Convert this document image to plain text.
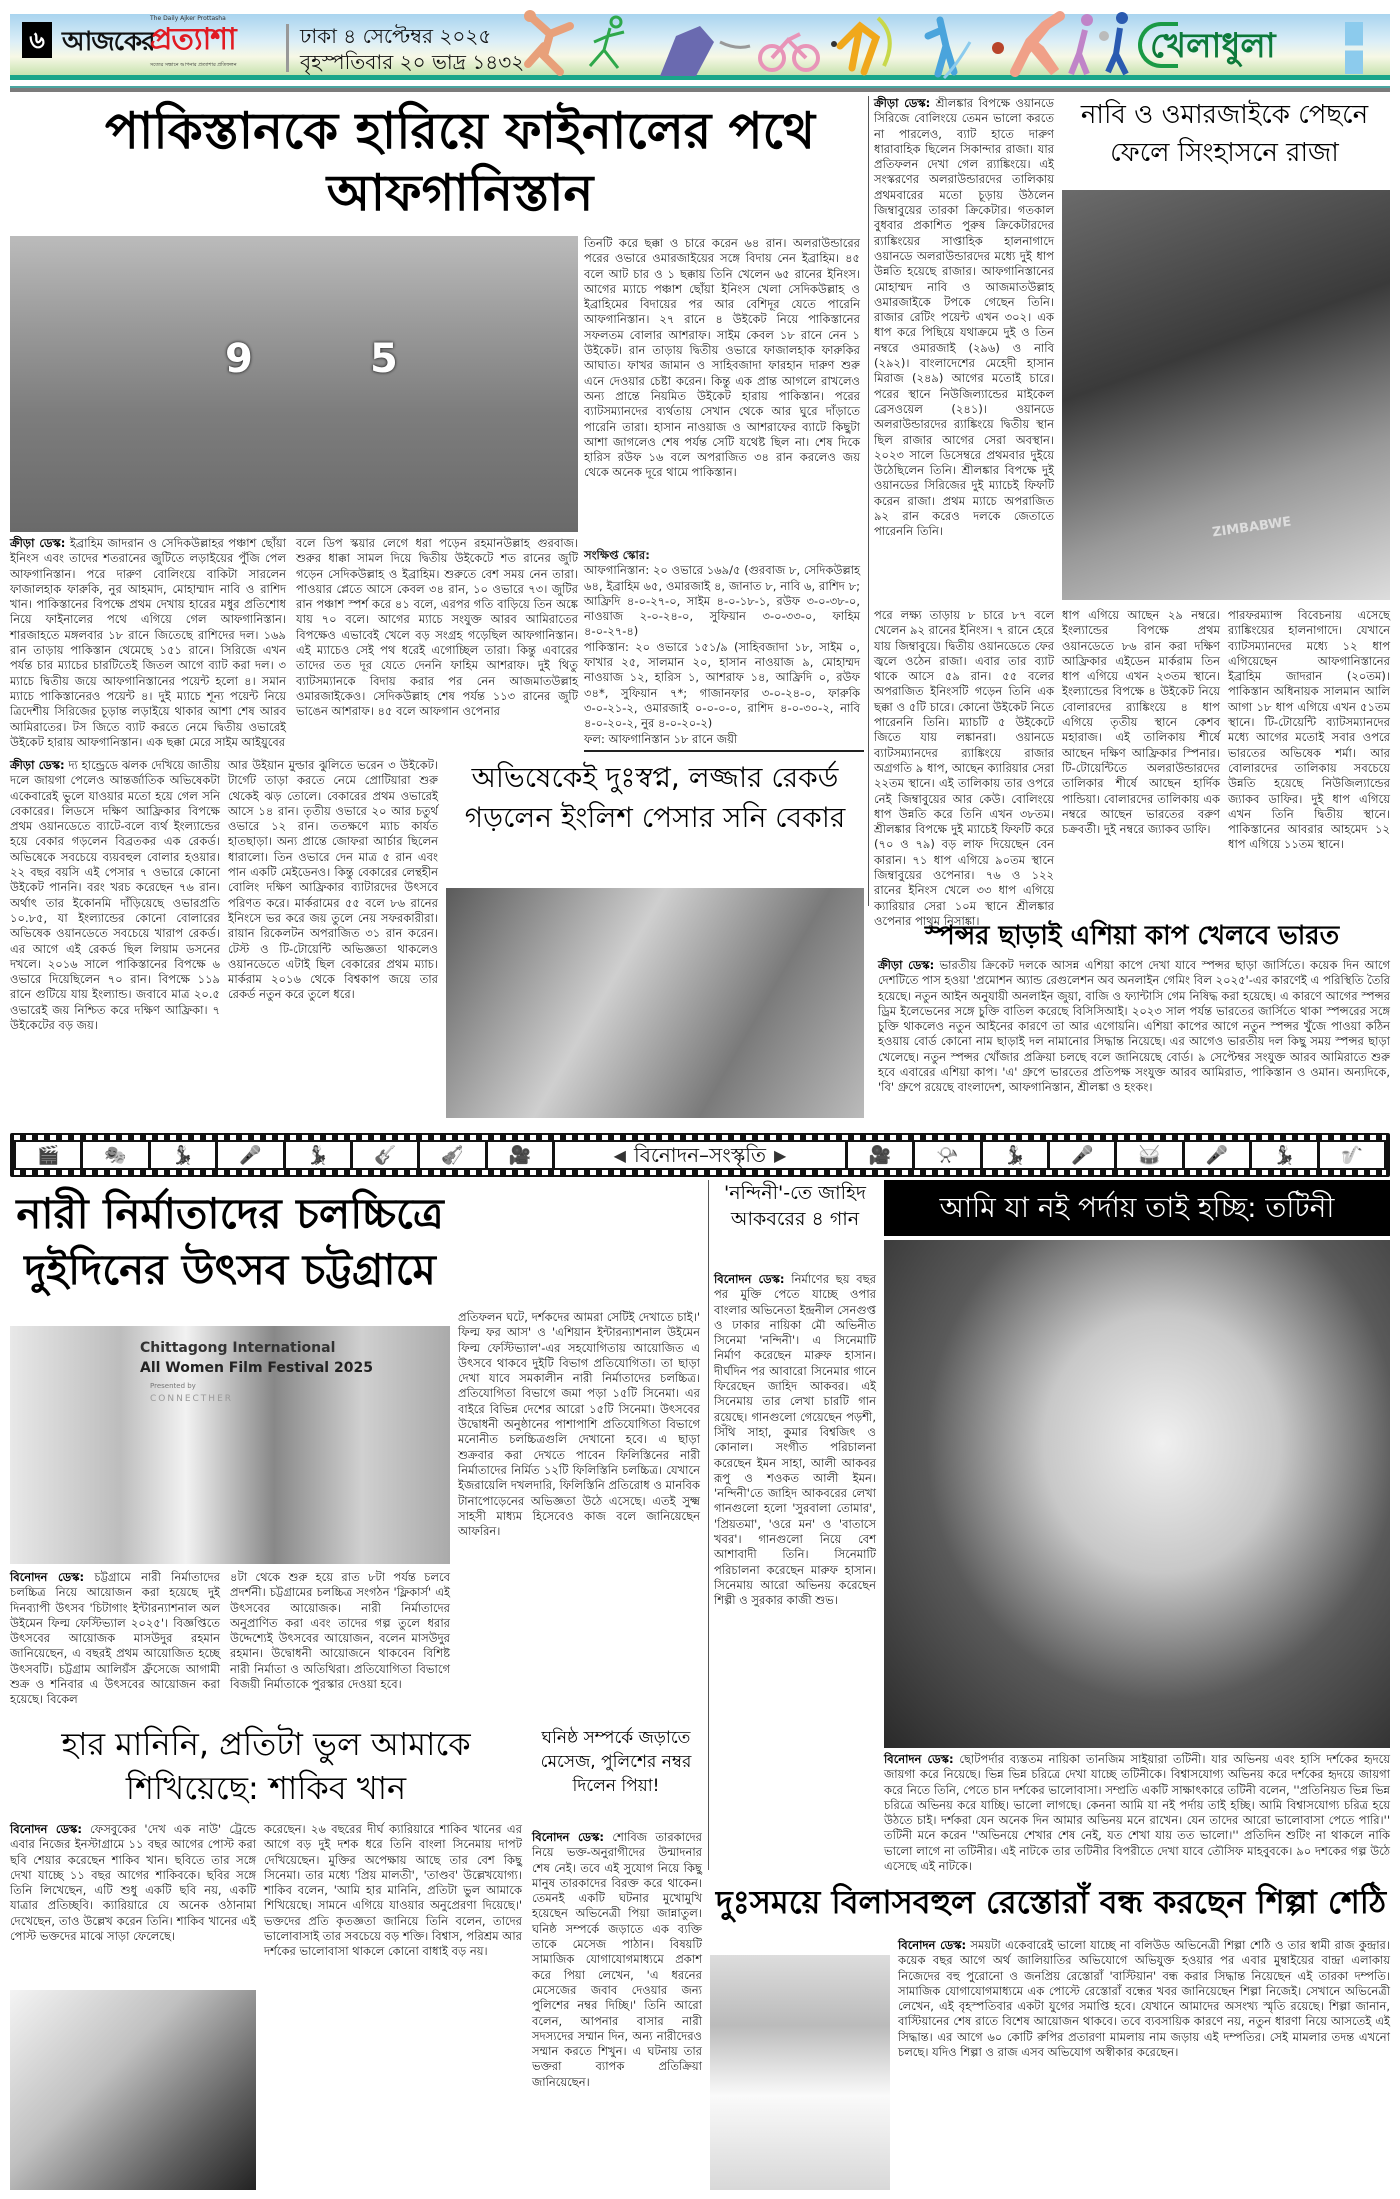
৬ আজকের
The Daily Ajker Prottasha
প্রত্যাশা
সত্যের সন্ধানে আপনার প্রত্যাশার প্রতিফলন
ঢাকা ৪ সেপ্টেম্বর ২০২৫
বৃহস্পতিবার ২০ ভাদ্র ১৪৩২	খেলাধুলা
পাকিস্তানকে হারিয়ে ফাইনালের পথে আফগানিস্তান
9	5
ক্রীড়া ডেস্ক: ইব্রাহিম জাদরান ও সেদিকউল্লাহর পঞ্চাশ ছোঁয়া ইনিংস এবং তাদের শতরানের জুটিতে লড়াইয়ের পুঁজি পেল আফগানিস্তান। পরে দারুণ বোলিংয়ে বাকিটা সারলেন ফাজালহাক ফারুকি, নুর আহমাদ, মোহাম্মাদ নাবি ও রাশিদ খান। পাকিস্তানের বিপক্ষে প্রথম দেখায় হারের মধুর প্রতিশোধ নিয়ে ফাইনালের পথে এগিয়ে গেল আফগানিস্তান। শারজাহতে মঙ্গলবার ১৮ রানে জিতেছে রাশিদের দল। ১৬৯ রান তাড়ায় পাকিস্তান থেমেছে ১৫১ রানে। সিরিজে এখন পর্যন্ত চার ম্যাচের চারটিতেই জিতল আগে ব্যাট করা দল। ৩ ম্যাচে দ্বিতীয় জয়ে আফগানিস্তানের পয়েন্ট হলো ৪। সমান ম্যাচে পাকিস্তানেরও পয়েন্ট ৪। দুই ম্যাচে শূন্য পয়েন্ট নিয়ে ত্রিদেশীয় সিরিজের চূড়ান্ত লড়াইয়ে থাকার আশা শেষ আরব আমিরাতের। টস জিতে ব্যাট করতে নেমে দ্বিতীয় ওভারেই উইকেট হারায় আফগানিস্তান। এক ছক্কা মেরে সাইম আইয়ুবের
বলে ডিপ স্কয়ার লেগে ধরা পড়েন রহমানউল্লাহ গুরবাজ। শুরুর ধাক্কা সামল দিয়ে দ্বিতীয় উইকেটে শত রানের জুটি গড়েন সেদিকউল্লাহ ও ইব্রাহিম। শুরুতে বেশ সময় নেন তারা। পাওয়ার প্লেতে আসে কেবল ৩৪ রান, ১০ ওভারে ৭৩। জুটির রান পঞ্চাশ স্পর্শ করে ৪১ বলে, এরপর গতি বাড়িয়ে তিন অঙ্কে যায় ৭০ বলে। আগের ম্যাচে সংযুক্ত আরব আমিরাতের বিপক্ষেও এভাবেই খেলে বড় সংগ্রহ গড়েছিল আফগানিস্তান। এই ম্যাচেও সেই পথ ধরেই এগোচ্ছিল তারা। কিন্তু এবারের তাদের তত দূর যেতে দেননি ফাহিম আশরাফ। দুই থিতু ব্যাটসম্যানকে বিদায় করার পর নেন আজমাতউল্লাহ ওমারজাইকেও। সেদিকউল্লাহ শেষ পর্যন্ত ১১৩ রানের জুটি ভাঙেন আশরাফ। ৪৫ বলে আফগান ওপেনার
তিনটি করে ছক্কা ও চারে করেন ৬৪ রান। অলরাউন্ডারের পরের ওভারে ওমারজাইয়ের সঙ্গে বিদায় নেন ইব্রাহিম। ৪৫ বলে আট চার ও ১ ছক্কায় তিনি খেলেন ৬৫ রানের ইনিংস। আগের ম্যাচে পঞ্চাশ ছোঁয়া ইনিংস খেলা সেদিকউল্লাহ ও ইব্রাহিমের বিদায়ের পর আর বেশিদূর যেতে পারেনি আফগানিস্তান। ২৭ রানে ৪ উইকেট নিয়ে পাকিস্তানের সফলতম বোলার আশরাফ। সাইম কেবল ১৮ রানে নেন ১ উইকেট। রান তাড়ায় দ্বিতীয় ওভারে ফাজালহাক ফারুকির আঘাত। ফাখর জামান ও সাহিবজাদা ফারহান দারুণ শুরু এনে দেওয়ার চেষ্টা করেন। কিন্তু এক প্রান্ত আগলে রাখলেও অন্য প্রান্তে নিয়মিত উইকেট হারায় পাকিস্তান। পরের ব্যাটসম্যানদের ব্যর্থতায় সেখান থেকে আর ঘুরে দাঁড়াতে পারেনি তারা। হাসান নাওয়াজ ও আশরাফের ব্যাটে কিছুটা আশা জাগলেও শেষ পর্যন্ত সেটি যথেষ্ট ছিল না। শেষ দিকে হারিস রউফ ১৬ বলে অপরাজিত ৩৪ রান করলেও জয় থেকে অনেক দূরে থামে পাকিস্তান।
সংক্ষিপ্ত স্কোর:
আফগানিস্তান: ২০ ওভারে ১৬৯/৫ (গুরবাজ ৮, সেদিকউল্লাহ ৬৪, ইব্রাহিম ৬৫, ওমারজাই ৪, জানাত ৮, নাবি ৬, রাশিদ ৮; আফ্রিদি ৪-০-২৭-০, সাইম ৪-০-১৮-১, রউফ ৩-০-৩৮-০, নাওয়াজ ২-০-২৪-০, সুফিয়ান ৩-০-৩৩-০, ফাহিম ৪-০-২৭-৪)
পাকিস্তান: ২০ ওভারে ১৫১/৯ (সাহিবজাদা ১৮, সাইম ০, ফাখার ২৫, সালমান ২০, হাসান নাওয়াজ ৯, মোহাম্মদ নাওয়াজ ১২, হারিস ১, আশরাফ ১৪, আফ্রিদি ০, রউফ ৩৪*, সুফিয়ান ৭*; গাজানফার ৩-০-২৪-০, ফারুকি ৩-০-২১-২, ওমারজাই ০-০-০-০, রাশিদ ৪-০-৩০-২, নাবি ৪-০-২০-২, নুর ৪-০-২০-২)
ফল: আফগানিস্তান ১৮ রানে জয়ী
ক্রীড়া ডেস্ক: শ্রীলঙ্কার বিপক্ষে ওয়ানডে সিরিজে বোলিংয়ে তেমন ভালো করতে না পারলেও, ব্যাট হাতে দারুণ ধারাবাহিক ছিলেন সিকান্দার রাজা। যার প্রতিফলন দেখা গেল র‍্যাঙ্কিংয়ে। এই সংস্করণের অলরাউন্ডারদের তালিকায় প্রথমবারের মতো চূড়ায় উঠলেন জিম্বাবুয়ের তারকা ক্রিকেটার। গতকাল বুধবার প্রকাশিত পুরুষ ক্রিকেটারদের র‍্যাঙ্কিংয়ের সাপ্তাহিক হালনাগাদে ওয়ানডে অলরাউন্ডারদের মধ্যে দুই ধাপ উন্নতি হয়েছে রাজার। আফগানিস্তানের মোহাম্মদ নাবি ও আজমাতউল্লাহ ওমারজাইকে টপকে গেছেন তিনি। রাজার রেটিং পয়েন্ট এখন ৩০২। এক ধাপ করে পিছিয়ে যথাক্রমে দুই ও তিন নম্বরে ওমারজাই (২৯৬) ও নাবি (২৯২)। বাংলাদেশের মেহেদী হাসান মিরাজ (২৪৯) আগের মতোই চারে। পরের স্থানে নিউজিল্যান্ডের মাইকেল ব্রেসওয়েল (২৪১)। ওয়ানডে অলরাউন্ডারদের র‍্যাঙ্কিংয়ে দ্বিতীয় স্থান ছিল রাজার আগের সেরা অবস্থান। ২০২৩ সালে ডিসেম্বরে প্রথমবার দুইয়ে উঠেছিলেন তিনি। শ্রীলঙ্কার বিপক্ষে দুই ওয়ানডের সিরিজের দুই ম্যাচেই ফিফটি করেন রাজা। প্রথম ম্যাচে অপরাজিত ৯২ রান করেও দলকে জেতাতে পারেননি তিনি।
নাবি ও ওমারজাইকে পেছনে ফেলে সিংহাসনে রাজা
ZIMBABWE
পরে লক্ষ্য তাড়ায় ৮ চারে ৮৭ বলে খেলেন ৯২ রানের ইনিংস। ৭ রানে হেরে যায় জিম্বাবুয়ে। দ্বিতীয় ওয়ানডেতে ফের জ্বলে ওঠেন রাজা। এবার তার ব্যাট থাকে আসে ৫৯ রান। ৫৫ বলের অপরাজিত ইনিংসটি গড়েন তিনি এক ছক্কা ও ৫টি চারে। কোনো উইকেট নিতে পারেননি তিনি। ম্যাচটি ৫ উইকেটে জিতে যায় লঙ্কানরা। ওয়ানডে ব্যাটসম্যানদের র‍্যাঙ্কিংয়ে রাজার অগ্রগতি ৯ ধাপ, আছেন ক্যারিয়ার সেরা ২২তম স্থানে। এই তালিকায় তার ওপরে নেই জিম্বাবুয়ের আর কেউ। বোলিংয়ে ধাপ উন্নতি করে তিনি এখন ৩৮তম। শ্রীলঙ্কার বিপক্ষে দুই ম্যাচেই ফিফটি করে (৭০ ও ৭৯) বড় লাফ দিয়েছেন বেন কারান। ৭১ ধাপ এগিয়ে ৯০তম স্থানে জিম্বাবুয়ের ওপেনার। ৭৬ ও ১২২ রানের ইনিংস খেলে ৩৩ ধাপ এগিয়ে ক্যারিয়ার সেরা ১০ম স্থানে শ্রীলঙ্কার ওপেনার পাথুম নিসাঙ্কা।
ধাপ এগিয়ে আছেন ২৯ নম্বরে। ইংল্যান্ডের বিপক্ষে প্রথম ওয়ানডেতে ৮৬ রান করা দক্ষিণ আফ্রিকার এইডেন মার্করাম তিন ধাপ এগিয়ে এখন ২৩তম স্থানে। ইংল্যান্ডের বিপক্ষে ৪ উইকেট নিয়ে বোলারদের র‍্যাঙ্কিংয়ে ৪ ধাপ এগিয়ে তৃতীয় স্থানে কেশব মহারাজ। এই তালিকায় শীর্ষে আছেন দক্ষিণ আফ্রিকার স্পিনার। টি-টোয়েন্টিতে অলরাউন্ডারদের তালিকার শীর্ষে আছেন হার্দিক পান্ডিয়া। বোলারদের তালিকায় এক নম্বরে আছেন ভারতের বরুণ চক্রবর্তী। দুই নম্বরে জ্যাকব ডাফি।
পারফরম্যান্স বিবেচনায় এসেছে র‍্যাঙ্কিংয়ের হালনাগাদে। যেখানে ব্যাটসম্যানদের মধ্যে ১২ ধাপ এগিয়েছেন আফগানিস্তানের ইব্রাহিম জাদরান (২০তম)। পাকিস্তান অধিনায়ক সালমান আলি আগা ১৮ ধাপ এগিয়ে এখন ৫১তম স্থানে। টি-টোয়েন্টি ব্যাটসম্যানদের মধ্যে আগের মতোই সবার ওপরে ভারতের অভিষেক শর্মা। আর বোলারদের তালিকায় সবচেয়ে উন্নতি হয়েছে নিউজিল্যান্ডের জ্যাকব ডাফির। দুই ধাপ এগিয়ে এখন তিনি দ্বিতীয় স্থানে। পাকিস্তানের আবরার আহমেদ ১২ ধাপ এগিয়ে ১১তম স্থানে।
ক্রীড়া ডেস্ক: দ্য হান্ড্রেডে ঝলক দেখিয়ে জাতীয় দলে জায়গা পেলেও আন্তর্জাতিক অভিষেকটা একেবারেই ভুলে যাওয়ার মতো হয়ে গেল সনি বেকারের। লিডসে দক্ষিণ আফ্রিকার বিপক্ষে প্রথম ওয়ানডেতে ব্যাটে-বলে ব্যর্থ ইংল্যান্ডের হয়ে বেকার গড়লেন বিব্রতকর এক রেকর্ড। অভিষেকে সবচেয়ে ব্যয়বহুল বোলার হওয়ার। ২২ বছর বয়সি এই পেসার ৭ ওভারে কোনো উইকেট পাননি। বরং খরচ করেছেন ৭৬ রান। অর্থাৎ তার ইকোনমি দাঁড়িয়েছে ওভারপ্রতি ১০.৮৫, যা ইংল্যান্ডের কোনো বোলারের অভিষেক ওয়ানডেতে সবচেয়ে খারাপ রেকর্ড। এর আগে এই রেকর্ড ছিল লিয়াম ডসনের দখলে। ২০১৬ সালে পাকিস্তানের বিপক্ষে ৬ ওভারে দিয়েছিলেন ৭০ রান। বিপক্ষে ১১৯ রানে গুটিয়ে যায় ইংল্যান্ড। জবাবে মাত্র ২০.৫ ওভারেই জয় নিশ্চিত করে দক্ষিণ আফ্রিকা। ৭ উইকেটের বড় জয়।
আর উইয়ান মুল্ডার ঝুলিতে ভরেন ৩ উইকেট। টার্গেট তাড়া করতে নেমে প্রোটিয়ারা শুরু থেকেই ঝড় তোলে। বেকারের প্রথম ওভারেই আসে ১৪ রান। তৃতীয় ওভারে ২০ আর চতুর্থ ওভারে ১২ রান। ততক্ষণে ম্যাচ কার্যত হাতছাড়া। অন্য প্রান্তে জোফরা আর্চার ছিলেন ধারালো। তিন ওভারে দেন মাত্র ৫ রান এবং পান একটি মেইডেনও। কিন্তু বেকারের লেন্থহীন বোলিং দক্ষিণ আফ্রিকার ব্যাটারদের উৎসবে পরিণত করে। মার্করামের ৫৫ বলে ৮৬ রানের ইনিংসে ভর করে জয় তুলে নেয় সফরকারীরা। রায়ান রিকেলটন অপরাজিত ৩১ রান করেন। টেস্ট ও টি-টোয়েন্টি অভিজ্ঞতা থাকলেও ওয়ানডেতে এটাই ছিল বেকারের প্রথম ম্যাচ। মার্করাম ২০১৬ থেকে বিশ্বকাপ জয়ে তার রেকর্ড নতুন করে তুলে ধরে।
অভিষেকেই দুঃস্বপ্ন, লজ্জার রেকর্ড গড়লেন ইংলিশ পেসার সনি বেকার
স্পন্সর ছাড়াই এশিয়া কাপ খেলবে ভারত
ক্রীড়া ডেস্ক: ভারতীয় ক্রিকেট দলকে আসন্ন এশিয়া কাপে দেখা যাবে স্পন্সর ছাড়া জার্সিতে। কয়েক দিন আগে দেশটিতে পাস হওয়া 'প্রমোশন অ্যান্ড রেগুলেশন অব অনলাইন গেমিং বিল ২০২৫'-এর কারণেই এ পরিস্থিতি তৈরি হয়েছে। নতুন আইন অনুযায়ী অনলাইন জুয়া, বাজি ও ফ্যান্টাসি গেম নিষিদ্ধ করা হয়েছে। এ কারণে আগের স্পন্সর ড্রিম ইলেভেনের সঙ্গে চুক্তি বাতিল করেছে বিসিসিআই। ২০২৩ সাল পর্যন্ত ভারতের জার্সিতে থাকা স্পন্সরের সঙ্গে চুক্তি থাকলেও নতুন আইনের কারণে তা আর এগোয়নি। এশিয়া কাপের আগে নতুন স্পন্সর খুঁজে পাওয়া কঠিন হওয়ায় বোর্ড কোনো নাম ছাড়াই দল নামানোর সিদ্ধান্ত নিয়েছে। এর আগেও ভারতীয় দল কিছু সময় স্পন্সর ছাড়া খেলেছে। নতুন স্পন্সর খোঁজার প্রক্রিয়া চলছে বলে জানিয়েছে বোর্ড। ৯ সেপ্টেম্বর সংযুক্ত আরব আমিরাতে শুরু হবে এবারের এশিয়া কাপ। 'এ' গ্রুপে ভারতের প্রতিপক্ষ সংযুক্ত আরব আমিরাত, পাকিস্তান ও ওমান। অন্যদিকে, 'বি' গ্রুপে রয়েছে বাংলাদেশ, আফগানিস্তান, শ্রীলঙ্কা ও হংকং।
🎬	🎭	💃	🎤	💃	🎸	🎻	🎥	◀ বিনোদন–সংস্কৃতি ▶	🎥	📯	💃	🎤	🥁	🎤	💃	🎷
নারী নির্মাতাদের চলচ্চিত্রে দুইদিনের উৎসব চট্টগ্রামে
Chittagong International
All Women Film Festival 2025
Presented by
CONNECTHER
বিনোদন ডেস্ক: চট্টগ্রামে নারী নির্মাতাদের চলচ্চিত্র নিয়ে আয়োজন করা হয়েছে দুই দিনব্যাপী উৎসব 'চিটাগাং ইন্টারন্যাশনাল অল উইমেন ফিল্ম ফেস্টিভ্যাল ২০২৫'। বিজ্ঞপ্তিতে উৎসবের আয়োজক মাসউদুর রহমান জানিয়েছেন, এ বছরই প্রথম আয়োজিত হচ্ছে উৎসবটি। চট্টগ্রাম আলিয়ঁস ফ্রঁসেজে আগামী শুক্র ও শনিবার এ উৎসবের আয়োজন করা হয়েছে। বিকেল
৪টা থেকে শুরু হয়ে রাত ৮টা পর্যন্ত চলবে প্রদর্শনী। চট্টগ্রামের চলচ্চিত্র সংগঠন 'ফ্লিকার্স' এই উৎসবের আয়োজক। নারী নির্মাতাদের অনুপ্রাণিত করা এবং তাদের গল্প তুলে ধরার উদ্দেশ্যেই উৎসবের আয়োজন, বলেন মাসউদুর রহমান। উদ্বোধনী আয়োজনে থাকবেন বিশিষ্ট নারী নির্মাতা ও অতিথিরা। প্রতিযোগিতা বিভাগে বিজয়ী নির্মাতাকে পুরস্কার দেওয়া হবে।
প্রতিফলন ঘটে, দর্শকদের আমরা সেটিই দেখাতে চাই।' ফিল্ম ফর আস' ও 'এশিয়ান ইন্টারন্যাশনাল উইমেন ফিল্ম ফেস্টিভ্যাল'-এর সহযোগিতায় আয়োজিত এ উৎসবে থাকবে দুইটি বিভাগ প্রতিযোগিতা। তা ছাড়া দেখা যাবে সমকালীন নারী নির্মাতাদের চলচ্চিত্র। প্রতিযোগিতা বিভাগে জমা পড়া ১৫টি সিনেমা। এর বাইরে বিভিন্ন দেশের আরো ১৫টি সিনেমা। উৎসবের উদ্বোধনী অনুষ্ঠানের পাশাপাশি প্রতিযোগিতা বিভাগে মনোনীত চলচ্চিত্রগুলি দেখানো হবে। এ ছাড়া শুক্রবার করা দেখতে পাবেন ফিলিস্তিনের নারী নির্মাতাদের নির্মিত ১২টি ফিলিস্তিনি চলচ্চিত্র। যেখানে ইজরায়েলি দখলদারি, ফিলিস্তিনি প্রতিরোধ ও মানবিক টানাপোড়েনের অভিজ্ঞতা উঠে এসেছে। এতই সুক্ষ্ম সাহসী মাধ্যম হিসেবেও কাজ বলে জানিয়েছেন আফরিন।
'নন্দিনী'-তে জাহিদ আকবরের ৪ গান
বিনোদন ডেস্ক: নির্মাণের ছয় বছর পর মুক্তি পেতে যাচ্ছে ওপার বাংলার অভিনেতা ইন্দ্রনীল সেনগুপ্ত ও ঢাকার নায়িকা মৌ অভিনীত সিনেমা 'নন্দিনী'। এ সিনেমাটি নির্মাণ করেছেন মারুফ হাসান। দীর্ঘদিন পর আবারো সিনেমার গানে ফিরেছেন জাহিদ আকবর। এই সিনেমায় তার লেখা চারটি গান রয়েছে। গানগুলো গেয়েছেন পড়শী, সিঁথি সাহা, কুমার বিশ্বজিৎ ও কোনাল। সংগীত পরিচালনা করেছেন ইমন সাহা, আলী আকবর রূপু ও শওকত আলী ইমন। 'নন্দিনী'তে জাহিদ আকবরের লেখা গানগুলো হলো 'সুরবালা তোমার', 'প্রিয়তমা', 'ওরে মন' ও 'বাতাসে খবর'। গানগুলো নিয়ে বেশ আশাবাদী তিনি। সিনেমাটি পরিচালনা করেছেন মারুফ হাসান। সিনেমায় আরো অভিনয় করেছেন শিল্পী ও সুরকার কাজী শুভ।
আমি যা নই পর্দায় তাই হচ্ছি: তটিনী
বিনোদন ডেস্ক: ছোটপর্দার ব্যস্ততম নায়িকা তানজিম সাইয়ারা তটিনী। যার অভিনয় এবং হাসি দর্শকের হৃদয়ে জায়গা করে নিয়েছে। ভিন্ন ভিন্ন চরিত্রে দেখা যাচ্ছে তটিনীকে। বিশ্বাসযোগ্য অভিনয় করে দর্শকের হৃদয়ে জায়গা করে নিতে তিনি, পেতে চান দর্শকের ভালোবাসা। সম্প্রতি একটি সাক্ষাৎকারে তটিনী বলেন, ''প্রতিনিয়ত ভিন্ন ভিন্ন চরিত্রে অভিনয় করে যাচ্ছি। ভালো লাগছে। কেননা আমি যা নই পর্দায় তাই হচ্ছি। আমি বিশ্বাসযোগ্য চরিত্র হয়ে উঠতে চাই। দর্শকরা যেন অনেক দিন আমার অভিনয় মনে রাখেন। যেন তাদের আরো ভালোবাসা পেতে পারি।'' তটিনী মনে করেন ''অভিনয়ে শেখার শেষ নেই, যত শেখা যায় তত ভালো।'' প্রতিদিন শুটিং না থাকলে নাকি ভালো লাগে না তটিনীর। এই নাটকে তার তটিনীর বিপরীতে দেখা যাবে তৌসিফ মাহবুবকে। ৯০ দশকের গল্প উঠে এসেছে এই নাটকে।
হার মানিনি, প্রতিটা ভুল আমাকে শিখিয়েছে: শাকিব খান
বিনোদন ডেস্ক: ফেসবুকের 'দেখ এক নাউ' ট্রেন্ডে এবার নিজের ইনস্টাগ্রামে ১১ বছর আগের পোস্ট করা ছবি শেয়ার করেছেন শাকিব খান। ছবিতে তার সঙ্গে দেখা যাচ্ছে ১১ বছর আগের শাকিবকে। ছবির সঙ্গে তিনি লিখেছেন, এটি শুধু একটি ছবি নয়, একটি যাত্রার প্রতিচ্ছবি। ক্যারিয়ারে যে অনেক ওঠানামা দেখেছেন, তাও উল্লেখ করেন তিনি। শাকিব খানের এই পোস্ট ভক্তদের মাঝে সাড়া ফেলেছে।
করেছেন। ২৬ বছরের দীর্ঘ ক্যারিয়ারে শাকিব খানের এর আগে বড় দুই দশক ধরে তিনি বাংলা সিনেমায় দাপট দেখিয়েছেন। মুক্তির অপেক্ষায় আছে তার বেশ কিছু সিনেমা। তার মধ্যে 'প্রিয় মালতী', 'তাণ্ডব' উল্লেখযোগ্য। শাকিব বলেন, 'আমি হার মানিনি, প্রতিটা ভুল আমাকে শিখিয়েছে। সামনে এগিয়ে যাওয়ার অনুপ্রেরণা দিয়েছে।' ভক্তদের প্রতি কৃতজ্ঞতা জানিয়ে তিনি বলেন, তাদের ভালোবাসাই তার সবচেয়ে বড় শক্তি। বিশ্বাস, পরিশ্রম আর দর্শকের ভালোবাসা থাকলে কোনো বাধাই বড় নয়।
ঘনিষ্ঠ সম্পর্কে জড়াতে মেসেজ, পুলিশের নম্বর দিলেন পিয়া!
বিনোদন ডেস্ক: শোবিজ তারকাদের নিয়ে ভক্ত-অনুরাগীদের উন্মাদনার শেষ নেই। তবে এই সুযোগ নিয়ে কিছু মানুষ তারকাদের বিরক্ত করে থাকেন। তেমনই একটি ঘটনার মুখোমুখি হয়েছেন অভিনেত্রী পিয়া জান্নাতুল। ঘনিষ্ঠ সম্পর্কে জড়াতে এক ব্যক্তি তাকে মেসেজ পাঠান। বিষয়টি সামাজিক যোগাযোগমাধ্যমে প্রকাশ করে পিয়া লেখেন, 'এ ধরনের মেসেজের জবাব দেওয়ার জন্য পুলিশের নম্বর দিচ্ছি।' তিনি আরো বলেন, আপনার বাসার নারী সদস্যদের সম্মান দিন, অন্য নারীদেরও সম্মান করতে শিখুন। এ ঘটনায় তার ভক্তরা ব্যাপক প্রতিক্রিয়া জানিয়েছেন।
দুঃসময়ে বিলাসবহুল রেস্তোরাঁ বন্ধ করছেন শিল্পা শেঠি
বিনোদন ডেস্ক: সময়টা একেবারেই ভালো যাচ্ছে না বলিউড অভিনেত্রী শিল্পা শেঠি ও তার স্বামী রাজ কুন্দ্রার। কয়েক বছর আগে অর্থ জালিয়াতির অভিযোগে অভিযুক্ত হওয়ার পর এবার মুম্বাইয়ের বান্দ্রা এলাকায় নিজেদের বহু পুরোনো ও জনপ্রিয় রেস্তোরাঁ 'বাস্টিয়ান' বন্ধ করার সিদ্ধান্ত নিয়েছেন এই তারকা দম্পতি। সামাজিক যোগাযোগমাধ্যমে এক পোস্টে রেস্তোরাঁ বন্ধের খবর জানিয়েছেন শিল্পা নিজেই। সেখানে অভিনেত্রী লেখেন, এই বৃহস্পতিবার একটা যুগের সমাপ্তি হবে। যেখানে আমাদের অসংখ্য স্মৃতি রয়েছে। শিল্পা জানান, বাস্টিয়ানের শেষ রাতে বিশেষ আয়োজন থাকবে। তবে ব্যবসায়িক কারণে নয়, নতুন ধারণা নিয়ে আসতেই এই সিদ্ধান্ত। এর আগে ৬০ কোটি রুপির প্রতারণা মামলায় নাম জড়ায় এই দম্পতির। সেই মামলার তদন্ত এখনো চলছে। যদিও শিল্পা ও রাজ এসব অভিযোগ অস্বীকার করেছেন।
